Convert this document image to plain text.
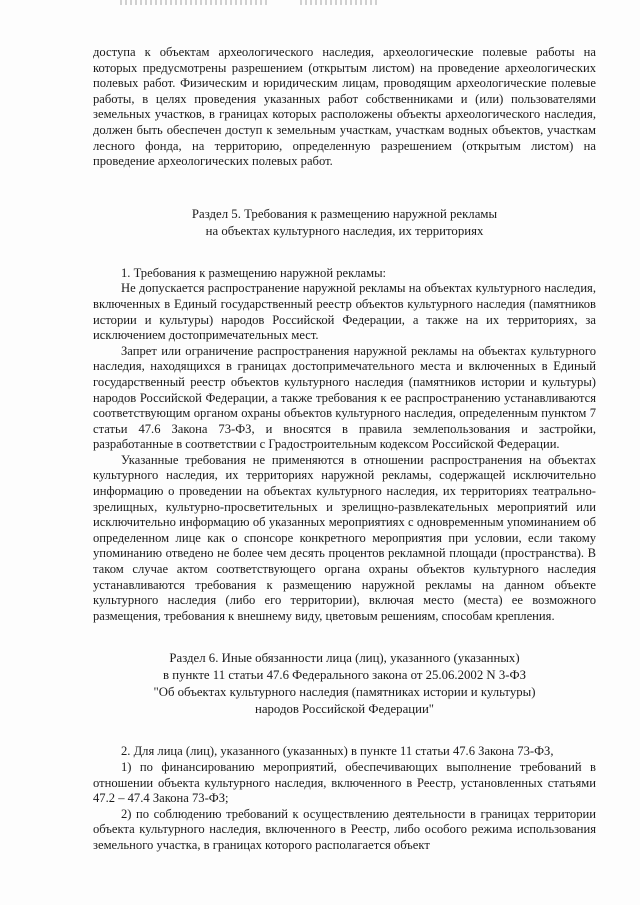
доступа к объектам археологического наследия, археологические полевые работы на которых предусмотрены разрешением (открытым листом) на проведение археологических полевых работ. Физическим и юридическим лицам, проводящим археологические полевые работы, в целях проведения указанных работ собственниками и (или) пользователями земельных участков, в границах которых расположены объекты археологического наследия, должен быть обеспечен доступ к земельным участкам, участкам водных объектов, участкам лесного фонда, на территорию, определенную разрешением (открытым листом) на проведение археологических полевых работ.

Раздел 5. Требования к размещению наружной рекламы
на объектах культурного наследия, их территориях

1. Требования к размещению наружной рекламы:

Не допускается распространение наружной рекламы на объектах культурного наследия, включенных в Единый государственный реестр объектов культурного наследия (памятников истории и культуры) народов Российской Федерации, а также на их территориях, за исключением достопримечательных мест.

Запрет или ограничение распространения наружной рекламы на объектах культурного наследия, находящихся в границах достопримечательного места и включенных в Единый государственный реестр объектов культурного наследия (памятников истории и культуры) народов Российской Федерации, а также требования к ее распространению устанавливаются соответствующим органом охраны объектов культурного наследия, определенным пунктом 7 статьи 47.6 Закона 73-ФЗ, и вносятся в правила землепользования и застройки, разработанные в соответствии с Градостроительным кодексом Российской Федерации.

Указанные требования не применяются в отношении распространения на объектах культурного наследия, их территориях наружной рекламы, содержащей исключительно информацию о проведении на объектах культурного наследия, их территориях театрально-зрелищных, культурно-просветительных и зрелищно-развлекательных мероприятий или исключительно информацию об указанных мероприятиях с одновременным упоминанием об определенном лице как о спонсоре конкретного мероприятия при условии, если такому упоминанию отведено не более чем десять процентов рекламной площади (пространства). В таком случае актом соответствующего органа охраны объектов культурного наследия устанавливаются требования к размещению наружной рекламы на данном объекте культурного наследия (либо его территории), включая место (места) ее возможного размещения, требования к внешнему виду, цветовым решениям, способам крепления.

Раздел 6. Иные обязанности лица (лиц), указанного (указанных)
в пункте 11 статьи 47.6 Федерального закона от 25.06.2002 N 3-ФЗ
"Об объектах культурного наследия (памятниках истории и культуры)
народов Российской Федерации"

2. Для лица (лиц), указанного (указанных) в пункте 11 статьи 47.6 Закона 73-ФЗ,

1) по финансированию мероприятий, обеспечивающих выполнение требований в отношении объекта культурного наследия, включенного в Реестр, установленных статьями 47.2 – 47.4 Закона 73-ФЗ;

2) по соблюдению требований к осуществлению деятельности в границах территории объекта культурного наследия, включенного в Реестр, либо особого режима использования земельного участка, в границах которого располагается объект
